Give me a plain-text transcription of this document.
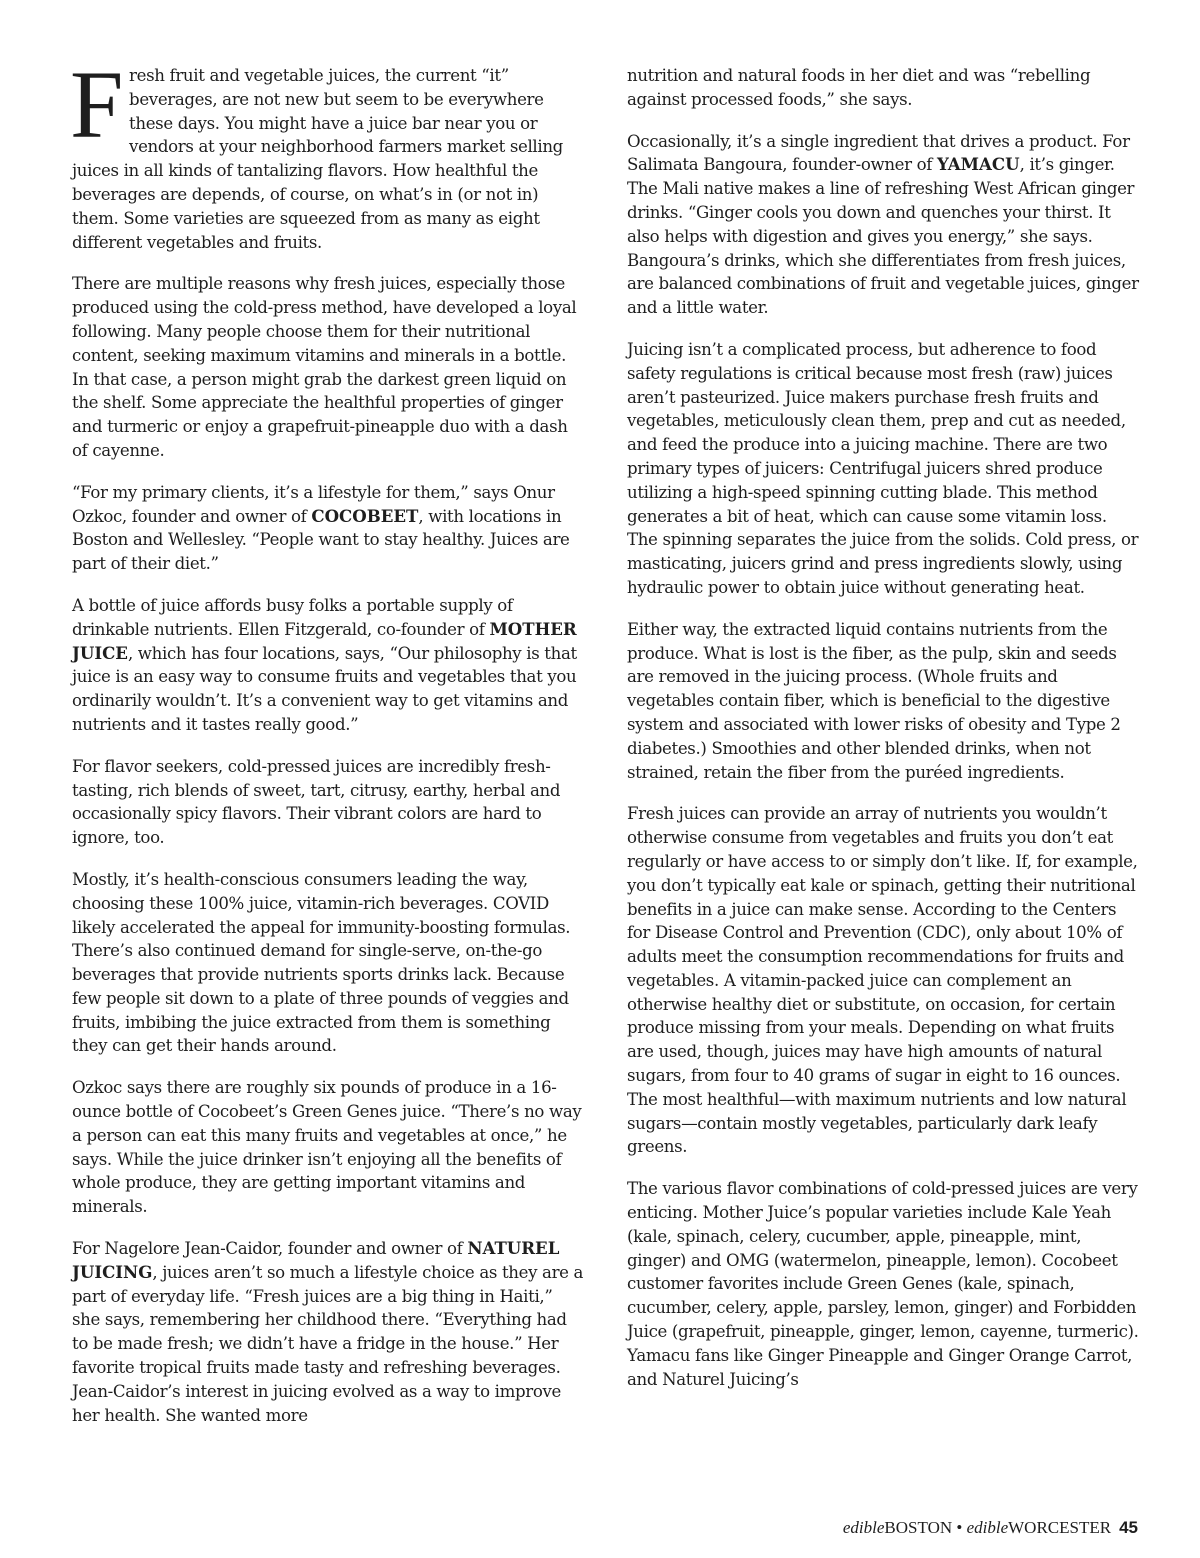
Fresh fruit and vegetable juices, the current “it” beverages, are not new but seem to be everywhere these days. You might have a juice bar near you or vendors at your neighborhood farmers market selling juices in all kinds of tantalizing flavors. How healthful the beverages are depends, of course, on what’s in (or not in) them. Some varieties are squeezed from as many as eight different vegetables and fruits.

There are multiple reasons why fresh juices, especially those produced using the cold-press method, have developed a loyal following. Many people choose them for their nutritional content, seeking maximum vitamins and minerals in a bottle. In that case, a person might grab the darkest green liquid on the shelf. Some appreciate the healthful properties of ginger and turmeric or enjoy a grapefruit-pineapple duo with a dash of cayenne.

“For my primary clients, it’s a lifestyle for them,” says Onur Ozkoc, founder and owner of COCOBEET, with locations in Boston and Wellesley. “People want to stay healthy. Juices are part of their diet.”

A bottle of juice affords busy folks a portable supply of drinkable nutrients. Ellen Fitzgerald, co-founder of MOTHER JUICE, which has four locations, says, “Our philosophy is that juice is an easy way to consume fruits and vegetables that you ordinarily wouldn’t. It’s a convenient way to get vitamins and nutrients and it tastes really good.”

For flavor seekers, cold-pressed juices are incredibly fresh-tasting, rich blends of sweet, tart, citrusy, earthy, herbal and occasionally spicy flavors. Their vibrant colors are hard to ignore, too.

Mostly, it’s health-conscious consumers leading the way, choosing these 100% juice, vitamin-rich beverages. COVID likely accelerated the appeal for immunity-boosting formulas. There’s also continued demand for single-serve, on-the-go beverages that provide nutrients sports drinks lack. Because few people sit down to a plate of three pounds of veggies and fruits, imbibing the juice extracted from them is something they can get their hands around.

Ozkoc says there are roughly six pounds of produce in a 16-ounce bottle of Cocobeet’s Green Genes juice. “There’s no way a person can eat this many fruits and vegetables at once,” he says. While the juice drinker isn’t enjoying all the benefits of whole produce, they are getting important vitamins and minerals.

For Nagelore Jean-Caidor, founder and owner of NATUREL JUICING, juices aren’t so much a lifestyle choice as they are a part of everyday life. “Fresh juices are a big thing in Haiti,” she says, remembering her childhood there. “Everything had to be made fresh; we didn’t have a fridge in the house.” Her favorite tropical fruits made tasty and refreshing beverages. Jean-Caidor’s interest in juicing evolved as a way to improve her health. She wanted more

nutrition and natural foods in her diet and was “rebelling against processed foods,” she says.

Occasionally, it’s a single ingredient that drives a product. For Salimata Bangoura, founder-owner of YAMACU, it’s ginger. The Mali native makes a line of refreshing West African ginger drinks. “Ginger cools you down and quenches your thirst. It also helps with digestion and gives you energy,” she says. Bangoura’s drinks, which she differentiates from fresh juices, are balanced combinations of fruit and vegetable juices, ginger and a little water.

Juicing isn’t a complicated process, but adherence to food safety regulations is critical because most fresh (raw) juices aren’t pasteurized. Juice makers purchase fresh fruits and vegetables, meticulously clean them, prep and cut as needed, and feed the produce into a juicing machine. There are two primary types of juicers: Centrifugal juicers shred produce utilizing a high-speed spinning cutting blade. This method generates a bit of heat, which can cause some vitamin loss. The spinning separates the juice from the solids. Cold press, or masticating, juicers grind and press ingredients slowly, using hydraulic power to obtain juice without generating heat.

Either way, the extracted liquid contains nutrients from the produce. What is lost is the fiber, as the pulp, skin and seeds are removed in the juicing process. (Whole fruits and vegetables contain fiber, which is beneficial to the digestive system and associated with lower risks of obesity and Type 2 diabetes.) Smoothies and other blended drinks, when not strained, retain the fiber from the puréed ingredients.

Fresh juices can provide an array of nutrients you wouldn’t otherwise consume from vegetables and fruits you don’t eat regularly or have access to or simply don’t like. If, for example, you don’t typically eat kale or spinach, getting their nutritional benefits in a juice can make sense. According to the Centers for Disease Control and Prevention (CDC), only about 10% of adults meet the consumption recommendations for fruits and vegetables. A vitamin-packed juice can complement an otherwise healthy diet or substitute, on occasion, for certain produce missing from your meals. Depending on what fruits are used, though, juices may have high amounts of natural sugars, from four to 40 grams of sugar in eight to 16 ounces. The most healthful—with maximum nutrients and low natural sugars—contain mostly vegetables, particularly dark leafy greens.

The various flavor combinations of cold-pressed juices are very enticing. Mother Juice’s popular varieties include Kale Yeah (kale, spinach, celery, cucumber, apple, pineapple, mint, ginger) and OMG (watermelon, pineapple, lemon). Cocobeet customer favorites include Green Genes (kale, spinach, cucumber, celery, apple, parsley, lemon, ginger) and Forbidden Juice (grapefruit, pineapple, ginger, lemon, cayenne, turmeric). Yamacu fans like Ginger Pineapple and Ginger Orange Carrot, and Naturel Juicing’s

edibleBOSTON • edibleWORCESTER 45
